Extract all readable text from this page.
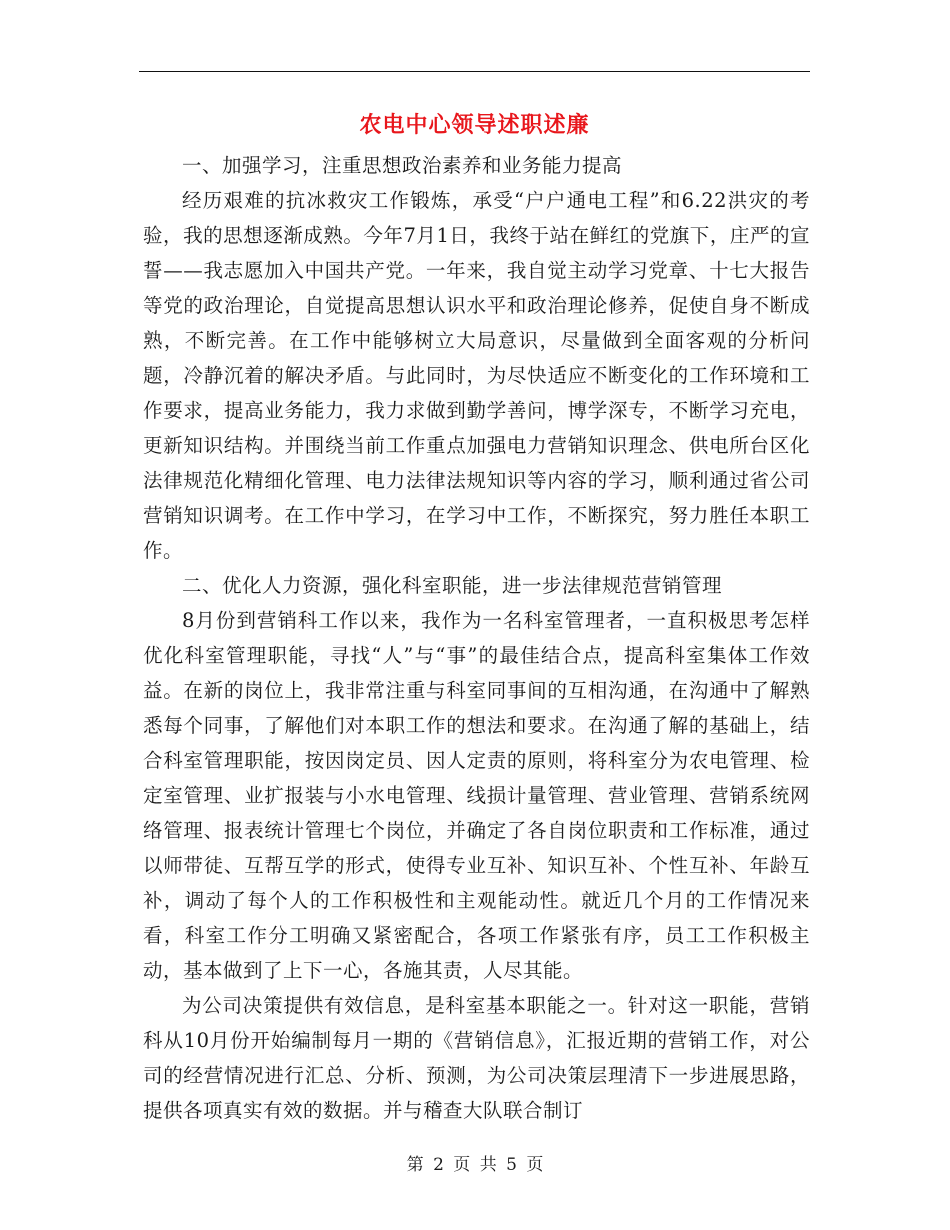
农电中心领导述职述廉

一、加强学习，注重思想政治素养和业务能力提高

经历艰难的抗冰救灾工作锻炼，承受“户户通电工程”和6.22洪灾的考验，我的思想逐渐成熟。今年7月1日，我终于站在鲜红的党旗下，庄严的宣誓——我志愿加入中国共产党。一年来，我自觉主动学习党章、十七大报告等党的政治理论，自觉提高思想认识水平和政治理论修养，促使自身不断成熟，不断完善。在工作中能够树立大局意识，尽量做到全面客观的分析问题，冷静沉着的解决矛盾。与此同时，为尽快适应不断变化的工作环境和工作要求，提高业务能力，我力求做到勤学善问，博学深专，不断学习充电，更新知识结构。并围绕当前工作重点加强电力营销知识理念、供电所台区化法律规范化精细化管理、电力法律法规知识等内容的学习，顺利通过省公司营销知识调考。在工作中学习，在学习中工作，不断探究，努力胜任本职工作。

二、优化人力资源，强化科室职能，进一步法律规范营销管理

8月份到营销科工作以来，我作为一名科室管理者，一直积极思考怎样优化科室管理职能，寻找“人”与“事”的最佳结合点，提高科室集体工作效益。在新的岗位上，我非常注重与科室同事间的互相沟通，在沟通中了解熟悉每个同事，了解他们对本职工作的想法和要求。在沟通了解的基础上，结合科室管理职能，按因岗定员、因人定责的原则，将科室分为农电管理、检定室管理、业扩报装与小水电管理、线损计量管理、营业管理、营销系统网络管理、报表统计管理七个岗位，并确定了各自岗位职责和工作标准，通过以师带徒、互帮互学的形式，使得专业互补、知识互补、个性互补、年龄互补，调动了每个人的工作积极性和主观能动性。就近几个月的工作情况来看，科室工作分工明确又紧密配合，各项工作紧张有序，员工工作积极主动，基本做到了上下一心，各施其责，人尽其能。

为公司决策提供有效信息，是科室基本职能之一。针对这一职能，营销科从10月份开始编制每月一期的《营销信息》，汇报近期的营销工作，对公司的经营情况进行汇总、分析、预测，为公司决策层理清下一步进展思路，提供各项真实有效的数据。并与稽查大队联合制订

第 2 页 共 5 页
